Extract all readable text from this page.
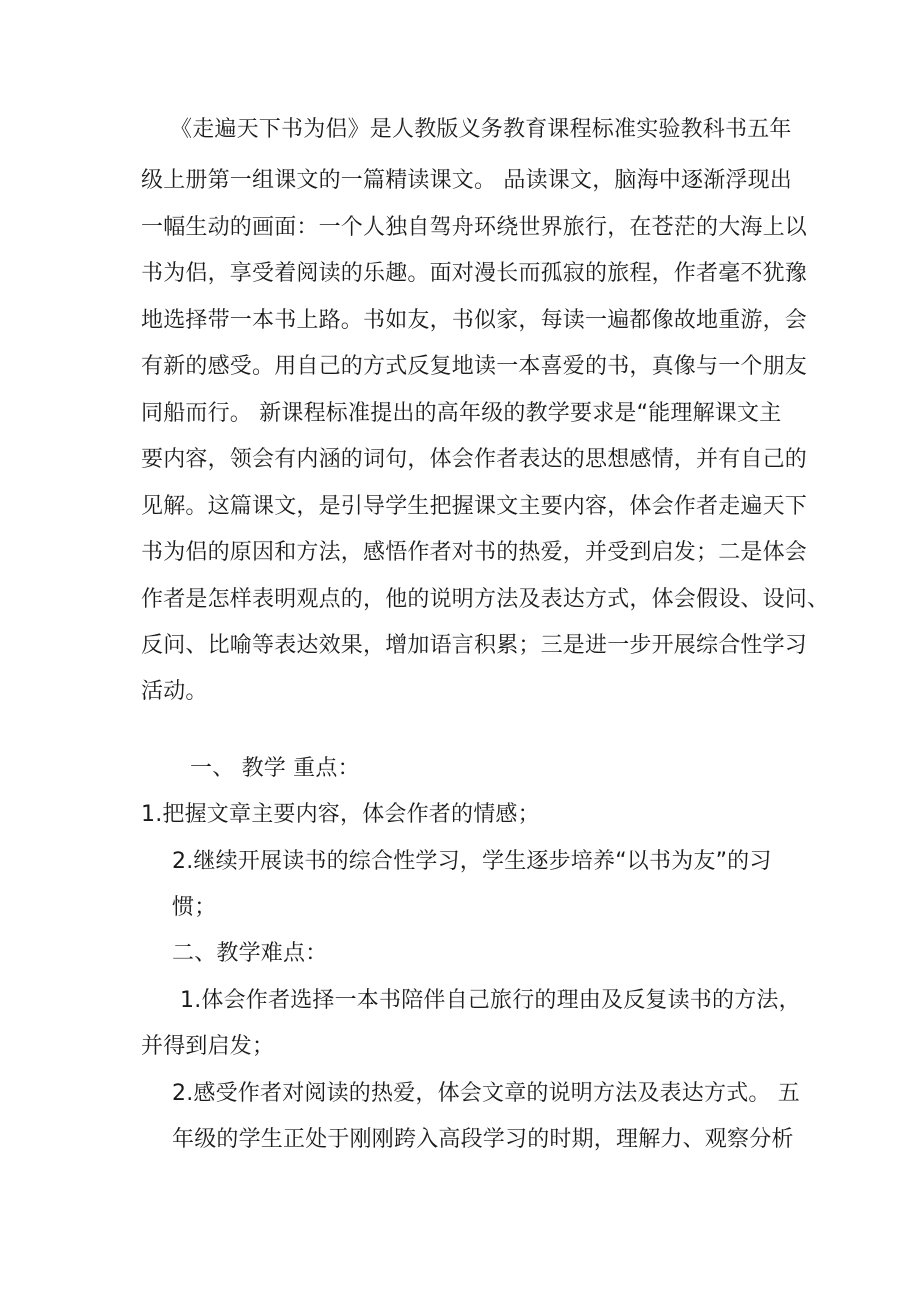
《走遍天下书为侣》是人教版义务教育课程标准实验教科书五年
级上册第一组课文的一篇精读课文。 品读课文，脑海中逐渐浮现出
一幅生动的画面：一个人独自驾舟环绕世界旅行，在苍茫的大海上以
书为侣，享受着阅读的乐趣。面对漫长而孤寂的旅程，作者毫不犹豫
地选择带一本书上路。书如友，书似家，每读一遍都像故地重游，会
有新的感受。用自己的方式反复地读一本喜爱的书，真像与一个朋友
同船而行。 新课程标准提出的高年级的教学要求是“能理解课文主
要内容，领会有内涵的词句，体会作者表达的思想感情，并有自己的
见解。这篇课文，是引导学生把握课文主要内容，体会作者走遍天下
书为侣的原因和方法，感悟作者对书的热爱，并受到启发；二是体会
作者是怎样表明观点的，他的说明方法及表达方式，体会假设、设问、
反问、比喻等表达效果，增加语言积累；三是进一步开展综合性学习
活动。
一、 教学 重点：
1.把握文章主要内容，体会作者的情感；
2.继续开展读书的综合性学习，学生逐步培养“以书为友”的习
惯；
二、教学难点：
1.体会作者选择一本书陪伴自己旅行的理由及反复读书的方法，
并得到启发；
2.感受作者对阅读的热爱，体会文章的说明方法及表达方式。 五
年级的学生正处于刚刚跨入高段学习的时期，理解力、观察分析
